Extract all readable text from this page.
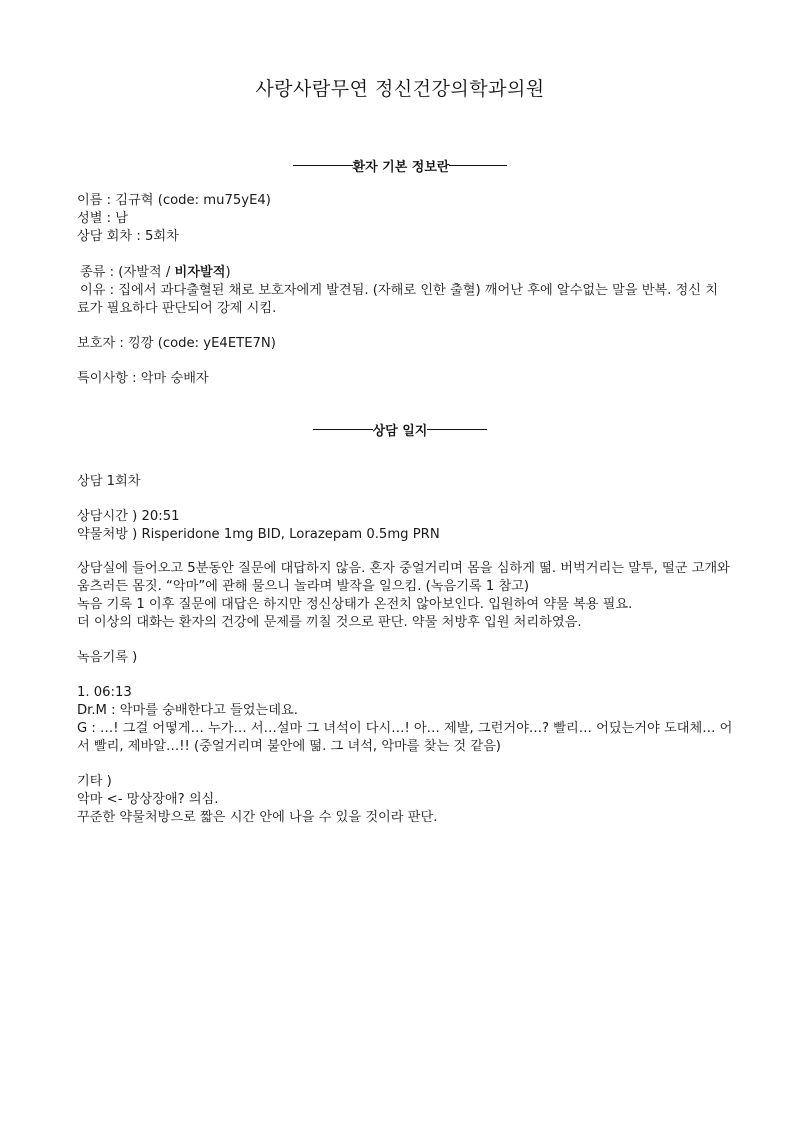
사랑사람무연 정신건강의학과의원
환자 기본 정보란
이름 : 김규혁 (code: mu75yE4)
성별 : 남
상담 회차 : 5회차
종류 : (자발적 / 비자발적)
이유 : 집에서 과다출혈된 채로 보호자에게 발견됨. (자해로 인한 출혈) 깨어난 후에 알수없는 말을 반복. 정신 치
료가 필요하다 판단되어 강제 시킴.
보호자 : 낑깡 (code: yE4ETE7N)
특이사항 : 악마 숭배자
상담 일지
상담 1회차
상담시간 ) 20:51
약물처방 ) Risperidone 1mg BID, Lorazepam 0.5mg PRN
상담실에 들어오고 5분동안 질문에 대답하지 않음. 혼자 중얼거리며 몸을 심하게 떪. 버벅거리는 말투, 떨군 고개와
움츠러든 몸짓. “악마”에 관해 물으니 놀라며 발작을 일으킴. (녹음기록 1 참고)
녹음 기록 1 이후 질문에 대답은 하지만 정신상태가 온전치 않아보인다. 입원하여 약물 복용 필요.
더 이상의 대화는 환자의 건강에 문제를 끼칠 것으로 판단. 약물 처방후 입원 처리하였음.
녹음기록 )
1. 06:13
Dr.M : 악마를 숭배한다고 들었는데요.
G : …! 그걸 어떻게… 누가… 서…설마 그 녀석이 다시…! 아… 제발, 그런거야…? 빨리… 어딨는거야 도대체… 어
서 빨리, 제바알…!! (중얼거리며 불안에 떪. 그 녀석, 악마를 찾는 것 같음)
기타 )
악마 <- 망상장애? 의심.
꾸준한 약물처방으로 짧은 시간 안에 나을 수 있을 것이라 판단.
